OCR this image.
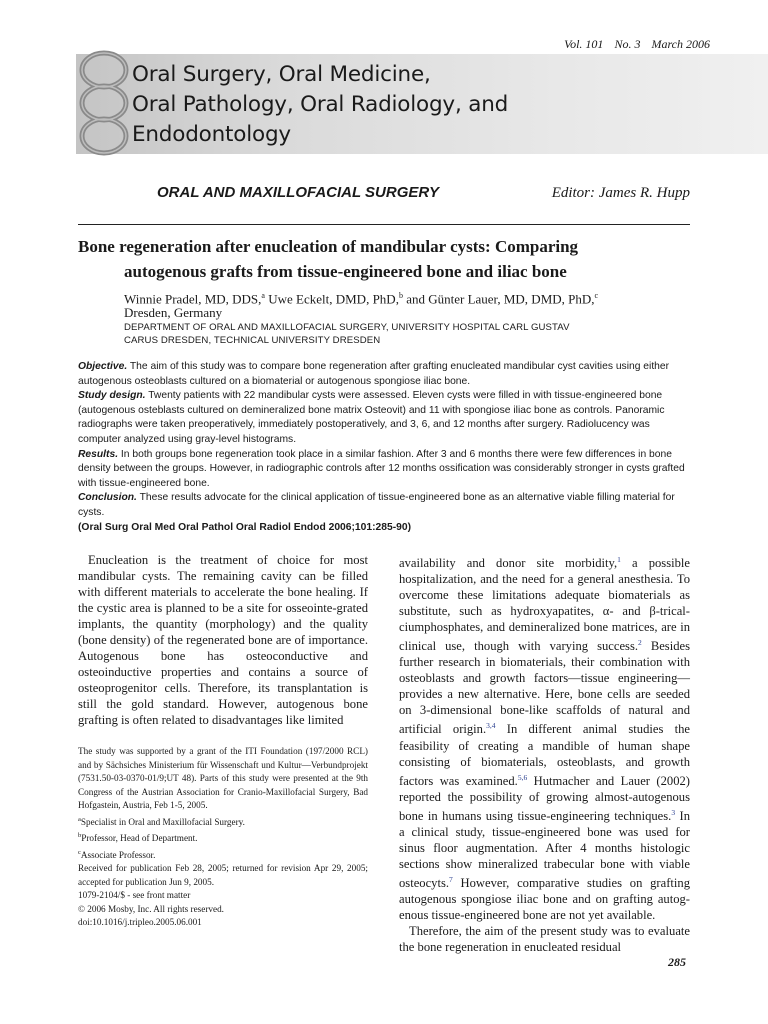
Vol. 101 No. 3 March 2006
Oral Surgery, Oral Medicine,
Oral Pathology, Oral Radiology, and
Endodontology
ORAL AND MAXILLOFACIAL SURGERY	Editor: James R. Hupp
Bone regeneration after enucleation of mandibular cysts: Comparing
autogenous grafts from tissue-engineered bone and iliac bone
Winnie Pradel, MD, DDS,$^a$ Uwe Eckelt, DMD, PhD,$^b$ and Günter Lauer, MD, DMD, PhD,$^c$
Dresden, Germany
DEPARTMENT OF ORAL AND MAXILLOFACIAL SURGERY, UNIVERSITY HOSPITAL CARL GUSTAV
CARUS DRESDEN, TECHNICAL UNIVERSITY DRESDEN
Objective. The aim of this study was to compare bone regeneration after grafting enucleated mandibular cyst cavities using either autogenous osteoblasts cultured on a biomaterial or autogenous spongiose iliac bone.
Study design. Twenty patients with 22 mandibular cysts were assessed. Eleven cysts were filled in with tissue-engineered bone (autogenous osteblasts cultured on demineralized bone matrix Osteovit) and 11 with spongiose iliac bone as controls. Panoramic radiographs were taken preoperatively, immediately postoperatively, and 3, 6, and 12 months after surgery. Radiolucency was computer analyzed using gray-level histograms.
Results. In both groups bone regeneration took place in a similar fashion. After 3 and 6 months there were few differences in bone density between the groups. However, in radiographic controls after 12 months ossification was considerably stronger in cysts grafted with tissue-engineered bone.
Conclusion. These results advocate for the clinical application of tissue-engineered bone as an alternative viable filling material for cysts.
(Oral Surg Oral Med Oral Pathol Oral Radiol Endod 2006;101:285-90)

Enucleation is the treatment of choice for most mandibular cysts. The remaining cavity can be filled with different materials to accelerate the bone healing. If the cystic area is planned to be a site for osseointe-grated implants, the quantity (morphology) and the quality (bone density) of the regenerated bone are of importance. Autogenous bone has osteoconductive and osteoinductive properties and contains a source of osteoprogenitor cells. Therefore, its transplantation is still the gold standard. However, autogenous bone grafting is often related to disadvantages like limited

The study was supported by a grant of the ITI Foundation (197/2000 RCL) and by Sächsiches Ministerium für Wissenschaft und Kultur—Verbundprojekt (7531.50-03-0370-01/9;UT 48). Parts of this study were presented at the 9th Congress of the Austrian Association for Cranio-Maxillofacial Surgery, Bad Hofgastein, Austria, Feb 1-5, 2005.
$^a$Specialist in Oral and Maxillofacial Surgery.
$^b$Professor, Head of Department.
$^c$Associate Professor.
Received for publication Feb 28, 2005; returned for revision Apr 29, 2005; accepted for publication Jun 9, 2005.
1079-2104/$ - see front matter
© 2006 Mosby, Inc. All rights reserved.
doi:10.1016/j.tripleo.2005.06.001

availability and donor site morbidity,$^1$ a possible hospitalization, and the need for a general anesthesia. To overcome these limitations adequate biomaterials as substitute, such as hydroxyapatites, α- and β-trical-ciumphosphates, and demineralized bone matrices, are in clinical use, though with varying success.$^2$ Besides further research in biomaterials, their combination with osteoblasts and growth factors—tissue engineering—provides a new alternative. Here, bone cells are seeded on 3-dimensional bone-like scaffolds of natural and artificial origin.$^{3,4}$ In different animal studies the feasibility of creating a mandible of human shape consisting of biomaterials, osteoblasts, and growth factors was examined.$^{5,6}$ Hutmacher and Lauer (2002) reported the possibility of growing almost-autogenous bone in humans using tissue-engineering techniques.$^3$ In a clinical study, tissue-engineered bone was used for sinus floor augmentation. After 4 months histologic sections show mineralized trabecular bone with viable osteocyts.$^7$ However, comparative studies on grafting autogenous spongiose iliac bone and on grafting autog-enous tissue-engineered bone are not yet available.

Therefore, the aim of the present study was to evaluate the bone regeneration in enucleated residual

285
